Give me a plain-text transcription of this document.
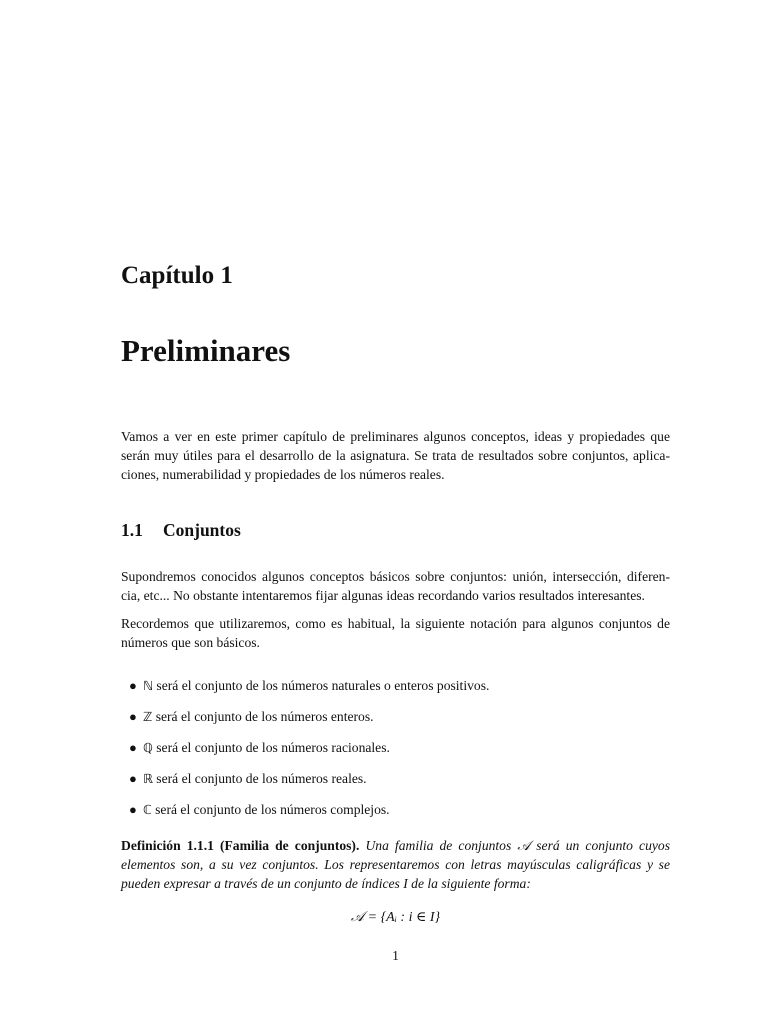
Capítulo 1
Preliminares

Vamos a ver en este primer capítulo de preliminares algunos conceptos, ideas y propiedades que serán muy útiles para el desarrollo de la asignatura. Se trata de resultados sobre conjuntos, aplica- ciones, numerabilidad y propiedades de los números reales.

1.1 Conjuntos

Supondremos conocidos algunos conceptos básicos sobre conjuntos: unión, intersección, diferen- cia, etc... No obstante intentaremos fijar algunas ideas recordando varios resultados interesantes.

Recordemos que utilizaremos, como es habitual, la siguiente notación para algunos conjuntos de números que son básicos.

● ℕ será el conjunto de los números naturales o enteros positivos.
● ℤ será el conjunto de los números enteros.
● ℚ será el conjunto de los números racionales.
● ℝ será el conjunto de los números reales.
● ℂ será el conjunto de los números complejos.

Definición 1.1.1 (Familia de conjuntos). Una familia de conjuntos 𝒜 será un conjunto cuyos elementos son, a su vez conjuntos. Los representaremos con letras mayúsculas caligráficas y se pueden expresar a través de un conjunto de índices I de la siguiente forma:

𝒜 = {Aᵢ : i ∈ I}

1
